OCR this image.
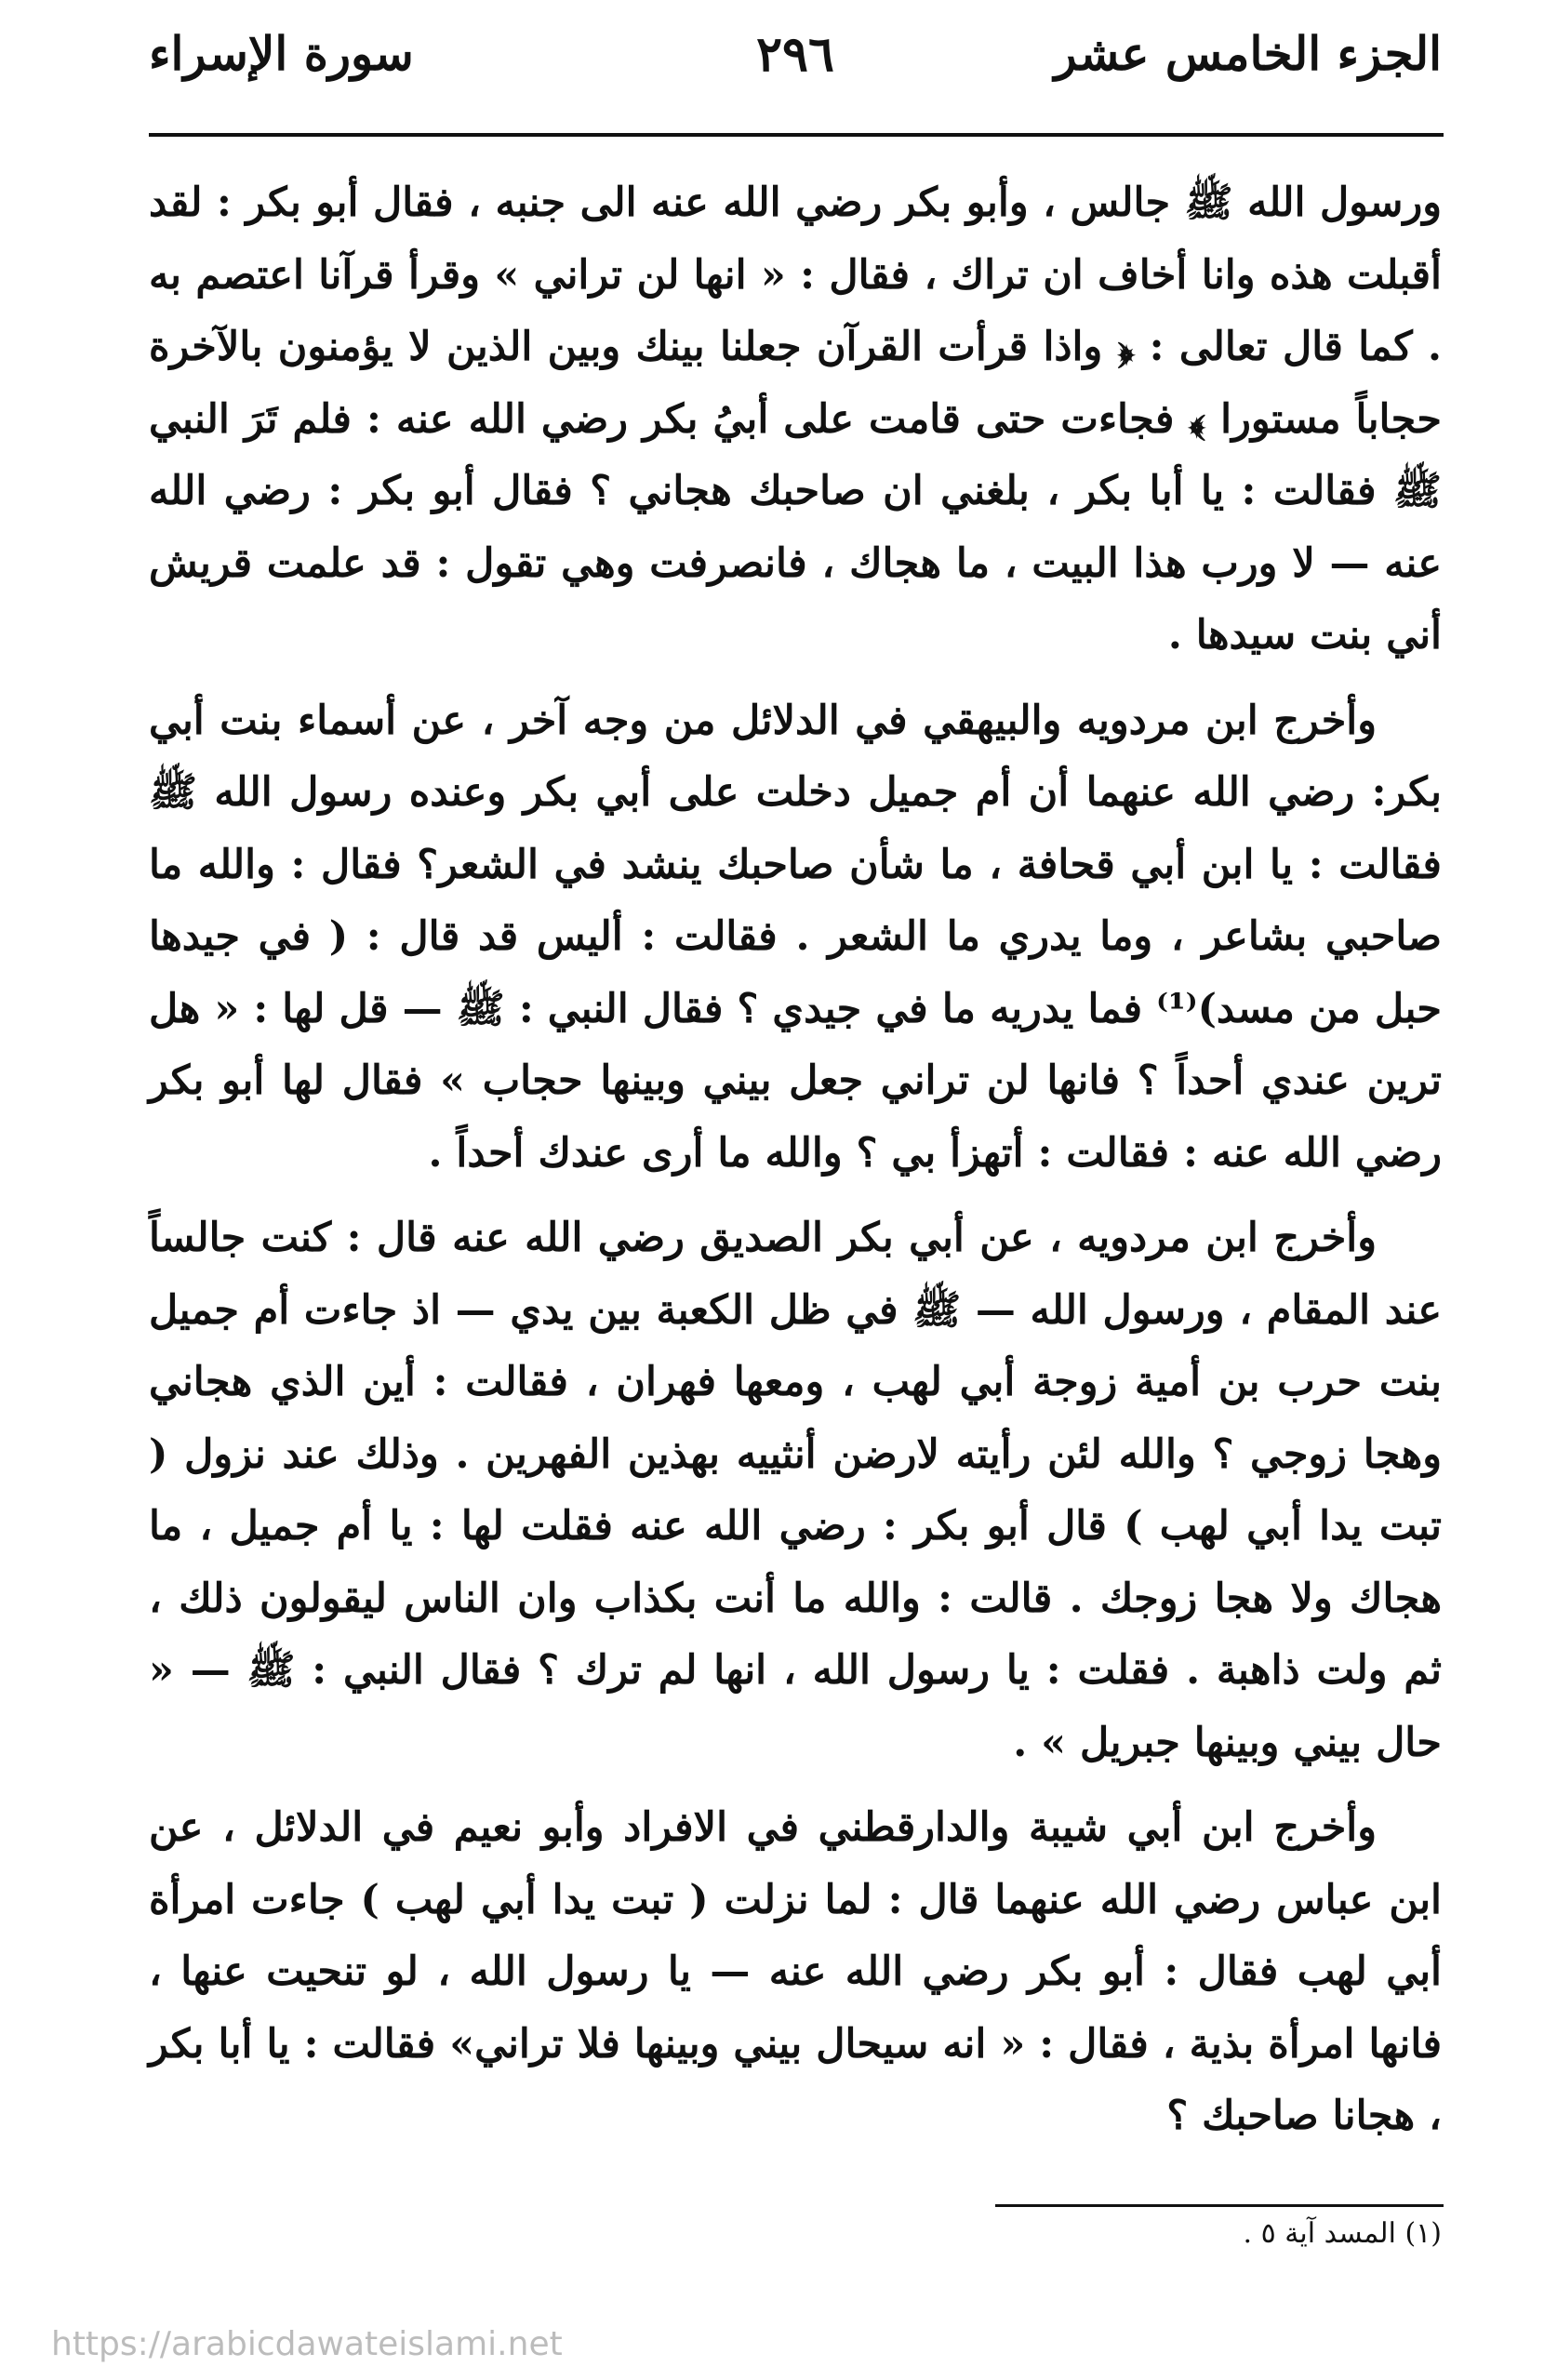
الجزء الخامس عشر
٢٩٦
سورة الإسراء

ورسول الله ﷺ جالس ، وأبو بكر رضي الله عنه الى جنبه ، فقال أبو بكر : لقد أقبلت هذه وانا أخاف ان تراك ، فقال : « انها لن تراني » وقرأ قرآنا اعتصم به . كما قال تعالى : ﴿ واذا قرأت القرآن جعلنا بينك وبين الذين لا يؤمنون بالآخرة حجاباً مستورا ﴾ فجاءت حتى قامت على أبيُ بكر رضي الله عنه : فلم تَرَ النبي ﷺ فقالت : يا أبا بكر ، بلغني ان صاحبك هجاني ؟ فقال أبو بكر : رضي الله عنه — لا ورب هذا البيت ، ما هجاك ، فانصرفت وهي تقول : قد علمت قريش أني بنت سيدها .

وأخرج ابن مردويه والبيهقي في الدلائل من وجه آخر ، عن أسماء بنت أبي بكر: رضي الله عنهما أن أم جميل دخلت على أبي بكر وعنده رسول الله ﷺ فقالت : يا ابن أبي قحافة ، ما شأن صاحبك ينشد في الشعر؟ فقال : والله ما صاحبي بشاعر ، وما يدري ما الشعر . فقالت : أليس قد قال : ( في جيدها حبل من مسد)⁽¹⁾ فما يدريه ما في جيدي ؟ فقال النبي : ﷺ — قل لها : « هل ترين عندي أحداً ؟ فانها لن تراني جعل بيني وبينها حجاب » فقال لها أبو بكر رضي الله عنه : فقالت : أتهزأ بي ؟ والله ما أرى عندك أحداً .

وأخرج ابن مردويه ، عن أبي بكر الصديق رضي الله عنه قال : كنت جالساً عند المقام ، ورسول الله — ﷺ في ظل الكعبة بين يدي — اذ جاءت أم جميل بنت حرب بن أمية زوجة أبي لهب ، ومعها فهران ، فقالت : أين الذي هجاني وهجا زوجي ؟ والله لئن رأيته لارضن أنثييه بهذين الفهرين . وذلك عند نزول ( تبت يدا أبي لهب ) قال أبو بكر : رضي الله عنه فقلت لها : يا أم جميل ، ما هجاك ولا هجا زوجك . قالت : والله ما أنت بكذاب وان الناس ليقولون ذلك ، ثم ولت ذاهبة . فقلت : يا رسول الله ، انها لم ترك ؟ فقال النبي : ﷺ — « حال بيني وبينها جبريل » .

وأخرج ابن أبي شيبة والدارقطني في الافراد وأبو نعيم في الدلائل ، عن ابن عباس رضي الله عنهما قال : لما نزلت ( تبت يدا أبي لهب ) جاءت امرأة أبي لهب فقال : أبو بكر رضي الله عنه — يا رسول الله ، لو تنحيت عنها ، فانها امرأة بذية ، فقال : « انه سيحال بيني وبينها فلا تراني» فقالت : يا أبا بكر ، هجانا صاحبك ؟

(١) المسد آية ٥ .
https://arabicdawateislami.net
